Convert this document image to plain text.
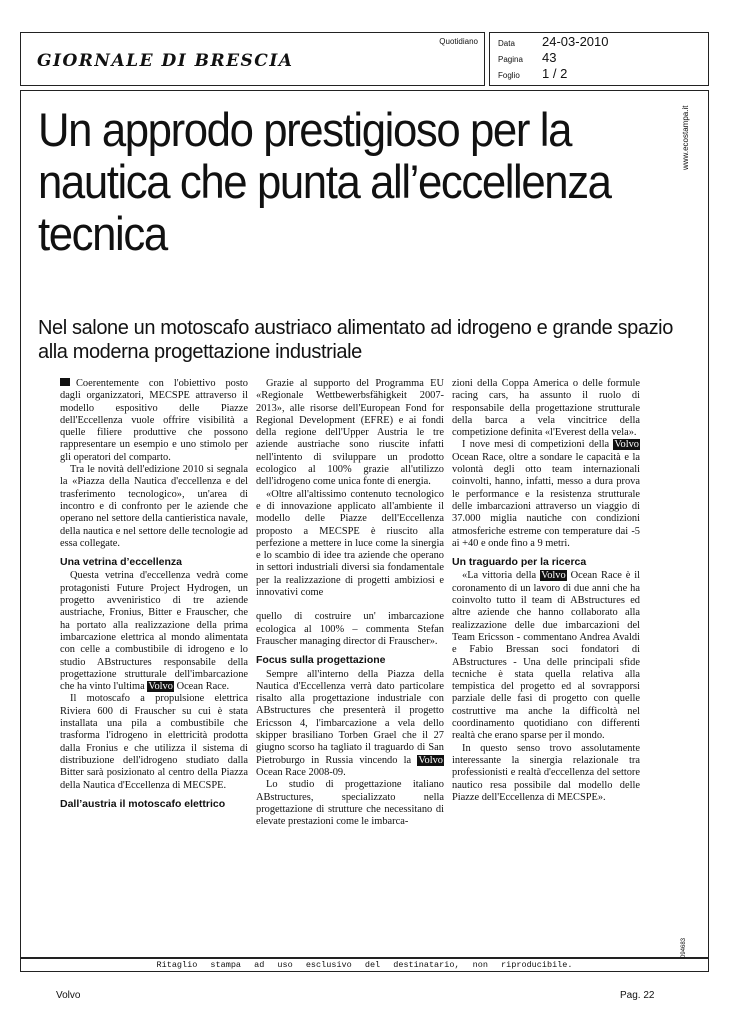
GIORNALE DI BRESCIA
Quotidiano	Data 24-03-2010
Pagina 43
Foglio 1 / 2
www.ecostampa.it
094683
Un approdo prestigioso per la nautica che punta all’eccellenza tecnica

Nel salone un motoscafo austriaco alimentato ad idrogeno e grande spazio alla moderna progettazione industriale

Coerentemente con l'obiettivo posto dagli organizzatori, MECSPE attraverso il modello espositivo delle Piazze dell'Eccellenza vuole offrire visibilità a quelle filiere produttive che possono rappresentare un esempio e uno stimolo per gli operatori del comparto.

Tra le novità dell'edizione 2010 si segnala la «Piazza della Nautica d'eccellenza e del trasferimento tecnologico», un'area di incontro e di confronto per le aziende che operano nel settore della cantieristica navale, della nautica e nel settore delle tecnologie ad essa collegate.

Una vetrina d’eccellenza

Questa vetrina d'eccellenza vedrà come protagonisti Future Project Hydrogen, un progetto avveniristico di tre aziende austriache, Fronius, Bitter e Frauscher, che ha portato alla realizzazione della prima imbarcazione elettrica al mondo alimentata con celle a combustibile di idrogeno e lo studio ABstructures responsabile della progettazione strutturale dell'imbarcazione che ha vinto l'ultima Volvo Ocean Race.

Il motoscafo a propulsione elettrica Riviera 600 di Frauscher su cui è stata installata una pila a combustibile che trasforma l'idrogeno in elettricità prodotta dalla Fronius e che utilizza il sistema di distribuzione dell'idrogeno studiato dalla Bitter sarà posizionato al centro della Piazza della Nautica d'Eccellenza di MECSPE.

Dall’austria il motoscafo elettrico

Grazie al supporto del Programma EU «Regionale Wettbewerbsfähigkeit 2007-2013», alle risorse dell'European Fond for Regional Development (EFRE) e ai fondi della regione dell'Upper Austria le tre aziende austriache sono riuscite infatti nell'intento di sviluppare un prodotto ecologico al 100% grazie all'utilizzo dell'idrogeno come unica fonte di energia.

«Oltre all'altissimo contenuto tecnologico e di innovazione applicato all'ambiente il modello delle Piazze dell'Eccellenza proposto a MECSPE è riuscito alla perfezione a mettere in luce come la sinergia e lo scambio di idee tra aziende che operano in settori industriali diversi sia fondamentale per la realizzazione di progetti ambiziosi e innovativi come

quello di costruire un' imbarcazione ecologica al 100% – commenta Stefan Frauscher managing director di Frauscher».

Focus sulla progettazione

Sempre all'interno della Piazza della Nautica d'Eccellenza verrà dato particolare risalto alla progettazione industriale con ABstructures che presenterà il progetto Ericsson 4, l'imbarcazione a vela dello skipper brasiliano Torben Grael che il 27 giugno scorso ha tagliato il traguardo di San Pietroburgo in Russia vincendo la Volvo Ocean Race 2008-09.

Lo studio di progettazione italiano ABstructures, specializzato nella progettazione di strutture che necessitano di elevate prestazioni come le imbarca-

zioni della Coppa America o delle formule racing cars, ha assunto il ruolo di responsabile della progettazione strutturale della barca a vela vincitrice della competizione definita «l'Everest della vela».

I nove mesi di competizioni della Volvo Ocean Race, oltre a sondare le capacità e la volontà degli otto team internazionali coinvolti, hanno, infatti, messo a dura prova le performance e la resistenza strutturale delle imbarcazioni attraverso un viaggio di 37.000 miglia nautiche con condizioni atmosferiche estreme con temperature dai -5 ai +40 e onde fino a 9 metri.

Un traguardo per la ricerca

«La vittoria della Volvo Ocean Race è il coronamento di un lavoro di due anni che ha coinvolto tutto il team di ABstructures ed altre aziende che hanno collaborato alla realizzazione delle due imbarcazioni del Team Ericsson - commentano Andrea Avaldi e Fabio Bressan soci fondatori di ABstructures - Una delle principali sfide tecniche è stata quella relativa alla tempistica del progetto ed al sovrapporsi parziale delle fasi di progetto con quelle costruttive ma anche la difficoltà nel coordinamento quotidiano con differenti realtà che erano sparse per il mondo.

In questo senso trovo assolutamente interessante la sinergia relazionale tra professionisti e realtà d'eccellenza del settore nautico resa possibile dal modello delle Piazze dell'Eccellenza di MECSPE».

Ritaglio stampa ad uso esclusivo del destinatario, non riproducibile.
Volvo	Pag. 22
